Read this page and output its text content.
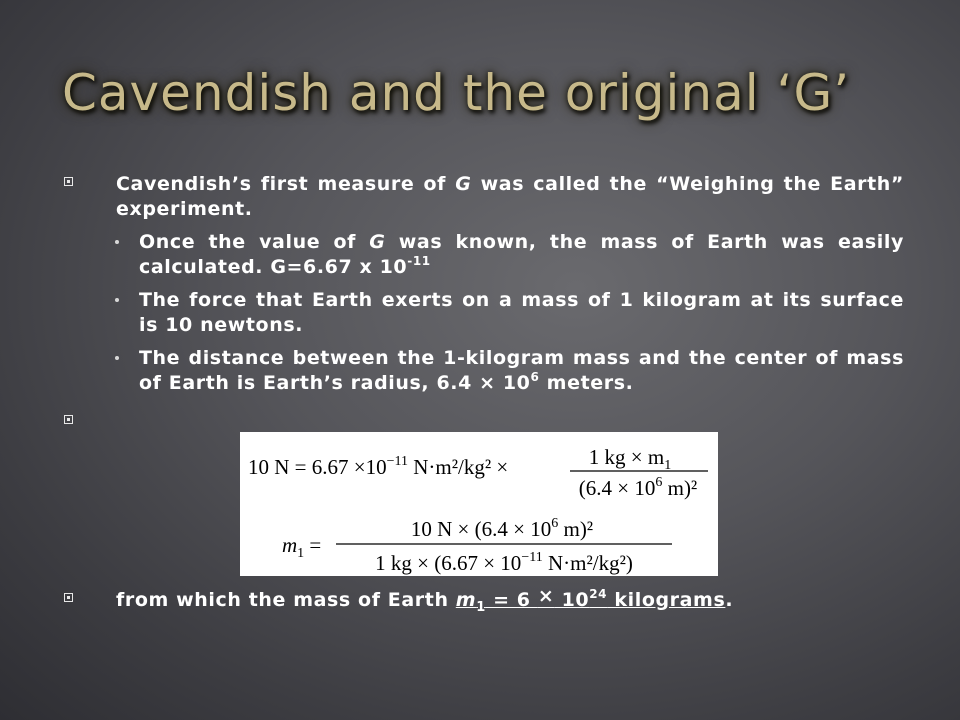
Cavendish and the original ‘G’
Cavendish’s first measure of G was called the “Weighing the Earth” experiment.
Once the value of G was known, the mass of Earth was easily calculated. G=6.67 x $10^{-11}$
The force that Earth exerts on a mass of 1 kilogram at its surface is 10 newtons.
The distance between the 1-kilogram mass and the center of mass of Earth is Earth’s radius, $6.4 \times 10^6$ meters.
10 $N = 6.67 \times 10^{-11}$ N·m²/kg² ×	1 kg × $m_1$
($6.4 \times 10^6$ m)²
$m_1$ =
10 $N \times (6.4 \times 10^6$ m)²
1 kg × ($6.67 \times 10^{-11}$ N·m²/kg²)
from which the mass of Earth $m_1 = 6 \times 10^{24}$ kilograms.
